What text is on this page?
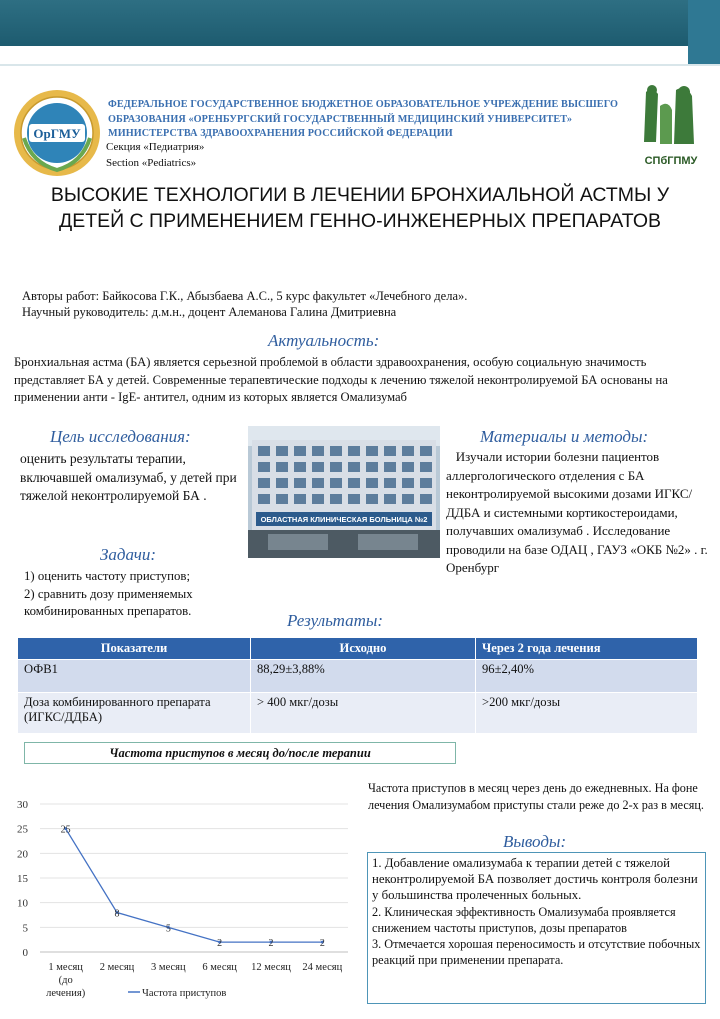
ОрГМУ
ФЕДЕРАЛЬНОЕ ГОСУДАРСТВЕННОЕ БЮДЖЕТНОЕ ОБРАЗОВАТЕЛЬНОЕ УЧРЕЖДЕНИЕ ВЫСШЕГО ОБРАЗОВАНИЯ «ОРЕНБУРГСКИЙ ГОСУДАРСТВЕННЫЙ МЕДИЦИНСКИЙ УНИВЕРСИТЕТ» МИНИСТЕРСТВА ЗДРАВООХРАНЕНИЯ РОССИЙСКОЙ ФЕДЕРАЦИИ
Секция «Педиатрия»
Section «Pediatrics»	СПбГПМУ
ВЫСОКИЕ ТЕХНОЛОГИИ В ЛЕЧЕНИИ БРОНХИАЛЬНОЙ АСТМЫ У ДЕТЕЙ С ПРИМЕНЕНИЕМ ГЕННО-ИНЖЕНЕРНЫХ ПРЕПАРАТОВ
Авторы работ: Байкосова Г.К., Абызбаева А.С., 5 курс факультет «Лечебного дела».
Научный руководитель: д.м.н., доцент Алеманова Галина Дмитриевна
Актуальность:
Бронхиальная астма (БА) является серьезной проблемой в области здравоохранения, особую социальную значимость представляет БА у детей. Современные терапевтические подходы к лечению тяжелой неконтролируемой БА основаны на применении анти - IgE- антител, одним из которых является Омализумаб
Цель исследования:
оценить результаты терапии, включавшей омализумаб, у детей при тяжелой неконтролируемой БА .
ОБЛАСТНАЯ КЛИНИЧЕСКАЯ БОЛЬНИЦА №2
Материалы и методы:
Изучали истории болезни пациентов аллергологического отделения с БА неконтролируемой высокими дозами ИГКС/ДДБА и системными кортикостероидами, получавших омализумаб . Исследование проводили на базе ОДАЦ , ГАУЗ «ОКБ №2» . г. Оренбург
Задачи:
1) оценить частоту приступов;
2) сравнить дозу применяемых комбинированных препаратов.	Результаты:
Показатели	Исходно	Через 2 года лечения
ОФВ1	88,29±3,88%	96±2,40%
Доза комбинированного препарата (ИГКС/ДДБА)	> 400 мкг/дозы	>200 мкг/дозы
Частота приступов в месяц до/после терапии
0
5
10
15
20
25
30
1 месяц (до лечения)
2 месяц 3 месяц 6 месяц 12 месяц 24 месяц
25
8
5
2	2	2
Частота приступов
Частота приступов в месяц через день до ежедневных. На фоне лечения Омализумабом приступы стали реже до 2-х раз в месяц.
Выводы:
1. Добавление омализумаба к терапии детей с тяжелой неконтролируемой БА позволяет достичь контроля болезни у большинства пролеченных больных.
2. Клиническая эффективность Омализумаба проявляется снижением частоты приступов, дозы препаратов
3. Отмечается хорошая переносимость и отсутствие побочных реакций при применении препарата.
